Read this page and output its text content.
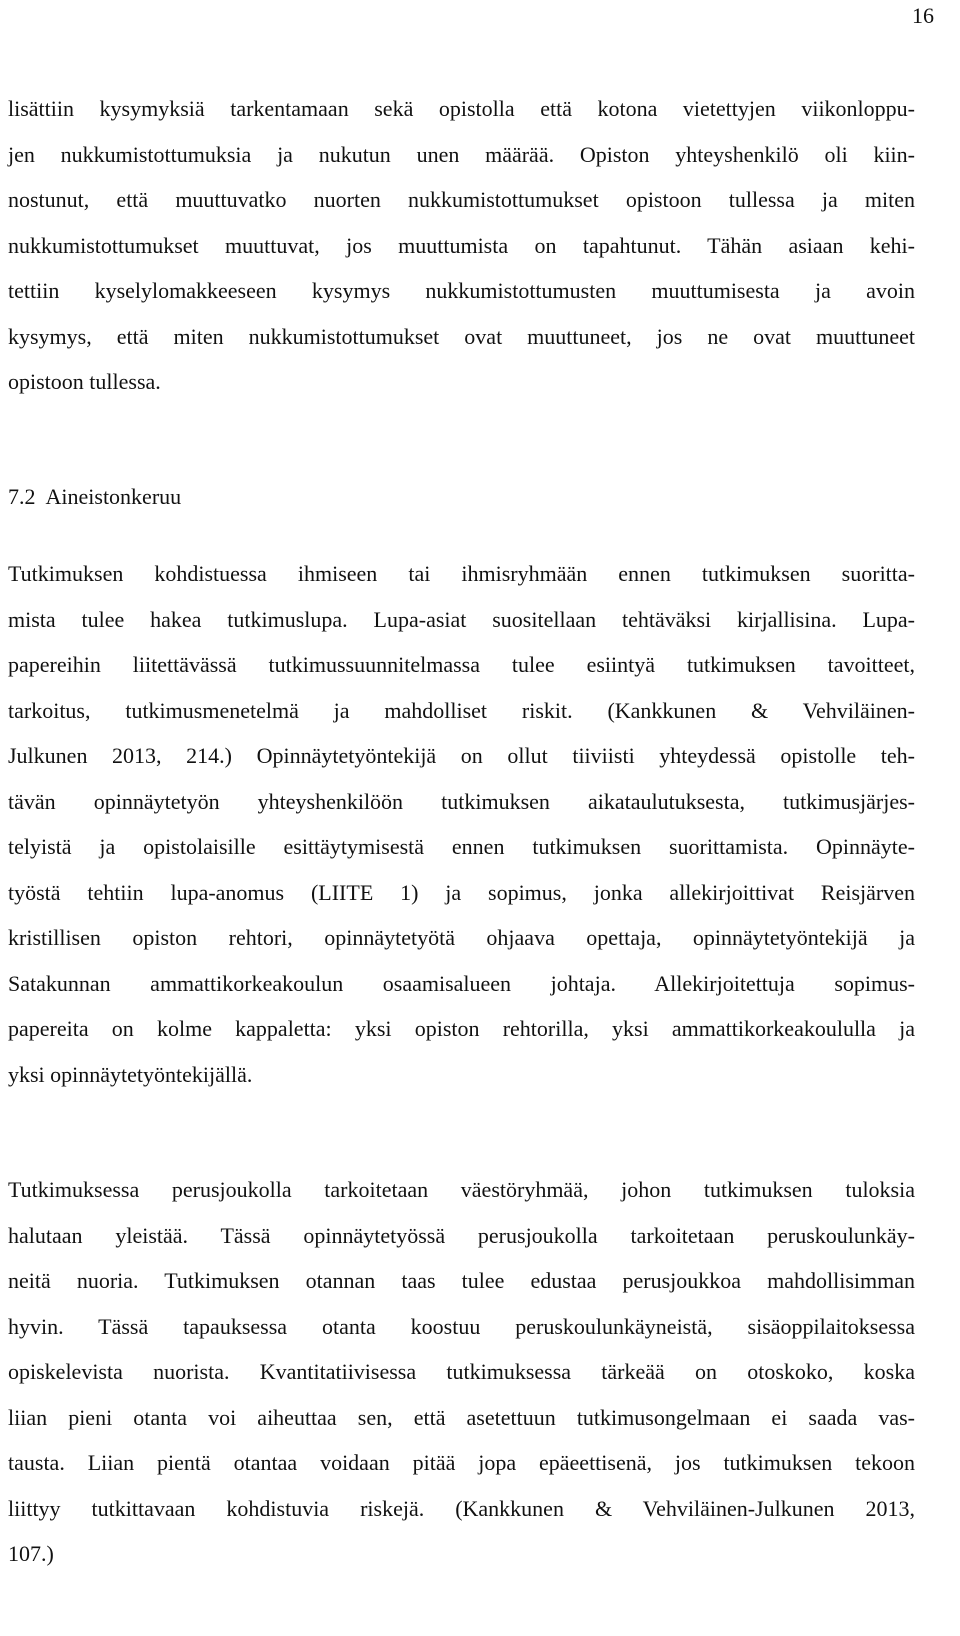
16
lisättiin kysymyksiä tarkentamaan sekä opistolla että kotona vietettyjen viikonloppu-
jen nukkumistottumuksia ja nukutun unen määrää. Opiston yhteyshenkilö oli kiin-
nostunut, että muuttuvatko nuorten nukkumistottumukset opistoon tullessa ja miten
nukkumistottumukset muuttuvat, jos muuttumista on tapahtunut. Tähän asiaan kehi-
tettiin kyselylomakkeeseen kysymys nukkumistottumusten muuttumisesta ja avoin
kysymys, että miten nukkumistottumukset ovat muuttuneet, jos ne ovat muuttuneet
opistoon tullessa.
7.2 Aineistonkeruu
Tutkimuksen kohdistuessa ihmiseen tai ihmisryhmään ennen tutkimuksen suoritta-
mista tulee hakea tutkimuslupa. Lupa-asiat suositellaan tehtäväksi kirjallisina. Lupa-
papereihin liitettävässä tutkimussuunnitelmassa tulee esiintyä tutkimuksen tavoitteet,
tarkoitus, tutkimusmenetelmä ja mahdolliset riskit. (Kankkunen & Vehviläinen-
Julkunen 2013, 214.) Opinnäytetyöntekijä on ollut tiiviisti yhteydessä opistolle teh-
tävän opinnäytetyön yhteyshenkilöön tutkimuksen aikataulutuksesta, tutkimusjärjes-
telyistä ja opistolaisille esittäytymisestä ennen tutkimuksen suorittamista. Opinnäyte-
työstä tehtiin lupa-anomus (LIITE 1) ja sopimus, jonka allekirjoittivat Reisjärven
kristillisen opiston rehtori, opinnäytetyötä ohjaava opettaja, opinnäytetyöntekijä ja
Satakunnan ammattikorkeakoulun osaamisalueen johtaja. Allekirjoitettuja sopimus-
papereita on kolme kappaletta: yksi opiston rehtorilla, yksi ammattikorkeakoululla ja
yksi opinnäytetyöntekijällä.
Tutkimuksessa perusjoukolla tarkoitetaan väestöryhmää, johon tutkimuksen tuloksia
halutaan yleistää. Tässä opinnäytetyössä perusjoukolla tarkoitetaan peruskoulunkäy-
neitä nuoria. Tutkimuksen otannan taas tulee edustaa perusjoukkoa mahdollisimman
hyvin. Tässä tapauksessa otanta koostuu peruskoulunkäyneistä, sisäoppilaitoksessa
opiskelevista nuorista. Kvantitatiivisessa tutkimuksessa tärkeää on otoskoko, koska
liian pieni otanta voi aiheuttaa sen, että asetettuun tutkimusongelmaan ei saada vas-
tausta. Liian pientä otantaa voidaan pitää jopa epäeettisenä, jos tutkimuksen tekoon
liittyy tutkittavaan kohdistuvia riskejä. (Kankkunen & Vehviläinen-Julkunen 2013,
107.)
